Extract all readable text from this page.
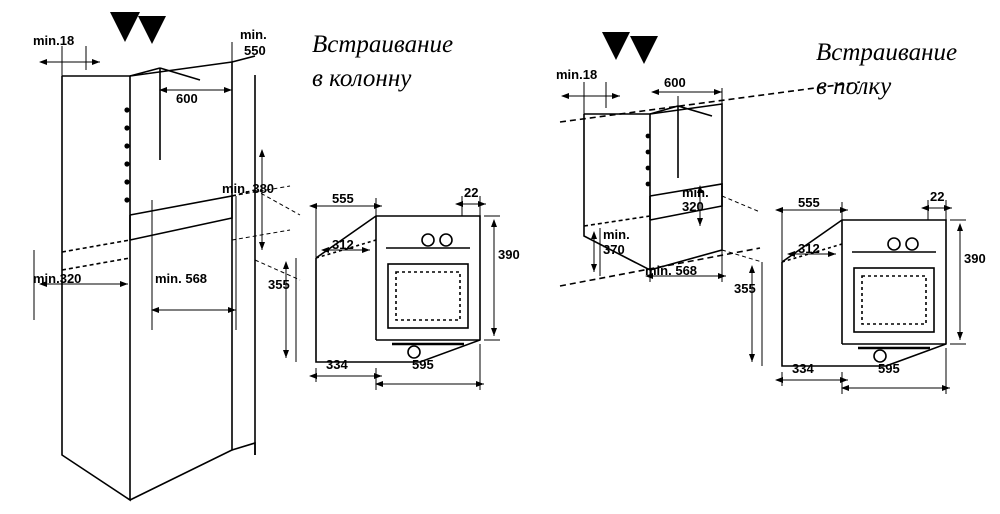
Встраивание
в колонну
min.18	min.
550
600
min. 380
min.320	min. 568
555
312
355
334	595
22
390
Встраивание
в полку
min.18
600
min.
320
min.
370
min. 568
555
312
355
334	595
22
390
